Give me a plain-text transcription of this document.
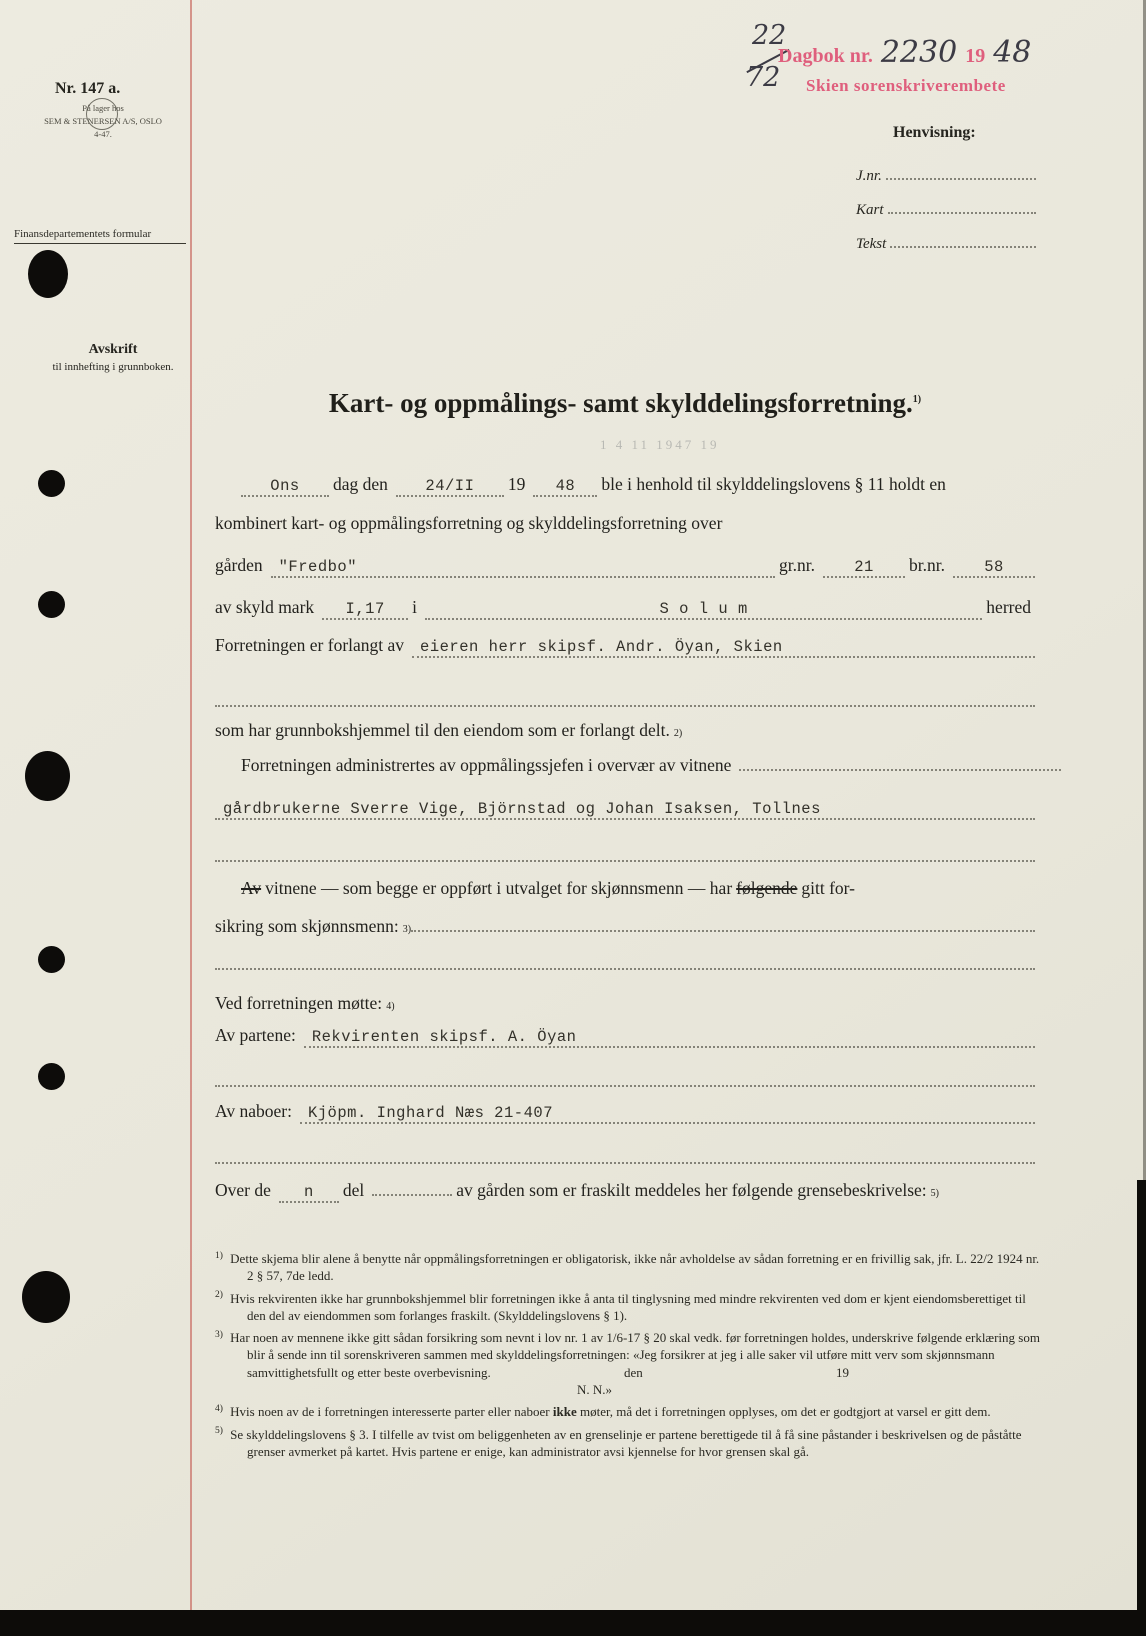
Nr. 147 a.
På lager hos
SEM & STENERSEN A/S, OSLO
4-47.
Finansdepartementets formular
Avskrift
til innhefting i grunnboken.
22
72
Dagbok nr. 2230 19 48
Skien sorenskriverembete
Henvisning:
J.nr.
Kart
Tekst
Kart- og oppmålings- samt skylddelingsforretning.$^{1)}$
1 4 11 1947 19
Ons	dag den	24/II	19	48	ble i henhold til skylddelingslovens § 11 holdt en
kombinert kart- og oppmålingsforretning og skylddelingsforretning over
gården	"Fredbo"	gr.nr.	21	br.nr.	58
av skyld mark	I,17	i	S o l u m	herred
Forretningen er forlangt av	eieren herr skipsf. Andr. Öyan, Skien
som har grunnbokshjemmel til den eiendom som er forlangt delt. 2)
Forretningen administrertes av oppmålingssjefen i overvær av vitnene
gårdbrukerne Sverre Vige, Björnstad og Johan Isaksen, Tollnes
Av vitnene — som begge er oppført i utvalget for skjønnsmenn — har følgende gitt for-
sikring som skjønnsmenn: 3)
Ved forretningen møtte: 4)
Av partene:	Rekvirenten skipsf. A. Öyan
Av naboer:	Kjöpm. Inghard Næs 21-407
Over de	n	del	av gården som er fraskilt meddeles her følgende grensebeskrivelse: 5)
$^{1)}$ Dette skjema blir alene å benytte når oppmålingsforretningen er obligatorisk, ikke når avholdelse av sådan forretning er en frivillig sak, jfr. L. 22/2 1924 nr. 2 § 57, 7de ledd.
$^{2)}$ Hvis rekvirenten ikke har grunnbokshjemmel blir forretningen ikke å anta til tinglysning med mindre rekvirenten ved dom er kjent eiendomsberettiget til den del av eiendommen som forlanges fraskilt. (Skylddelingslovens § 1).
$^{3)}$ Har noen av mennene ikke gitt sådan forsikring som nevnt i lov nr. 1 av 1/6-17 § 20 skal vedk. før forretningen holdes, underskrive følgende erklæring som blir å sende inn til sorenskriveren sammen med skylddelingsforretningen: «Jeg forsikrer at jeg i alle saker vil utføre mitt verv som skjønnsmann samvittighetsfullt og etter beste overbevisning.	den	19
N. N.»
$^{4)}$ Hvis noen av de i forretningen interesserte parter eller naboer ikke møter, må det i forretningen opplyses, om det er godtgjort at varsel er gitt dem.
$^{5)}$ Se skylddelingslovens § 3. I tilfelle av tvist om beliggenheten av en grenselinje er partene berettigede til å få sine påstander i beskrivelsen og de påståtte grenser avmerket på kartet. Hvis partene er enige, kan administrator avsi kjennelse for hvor grensen skal gå.
